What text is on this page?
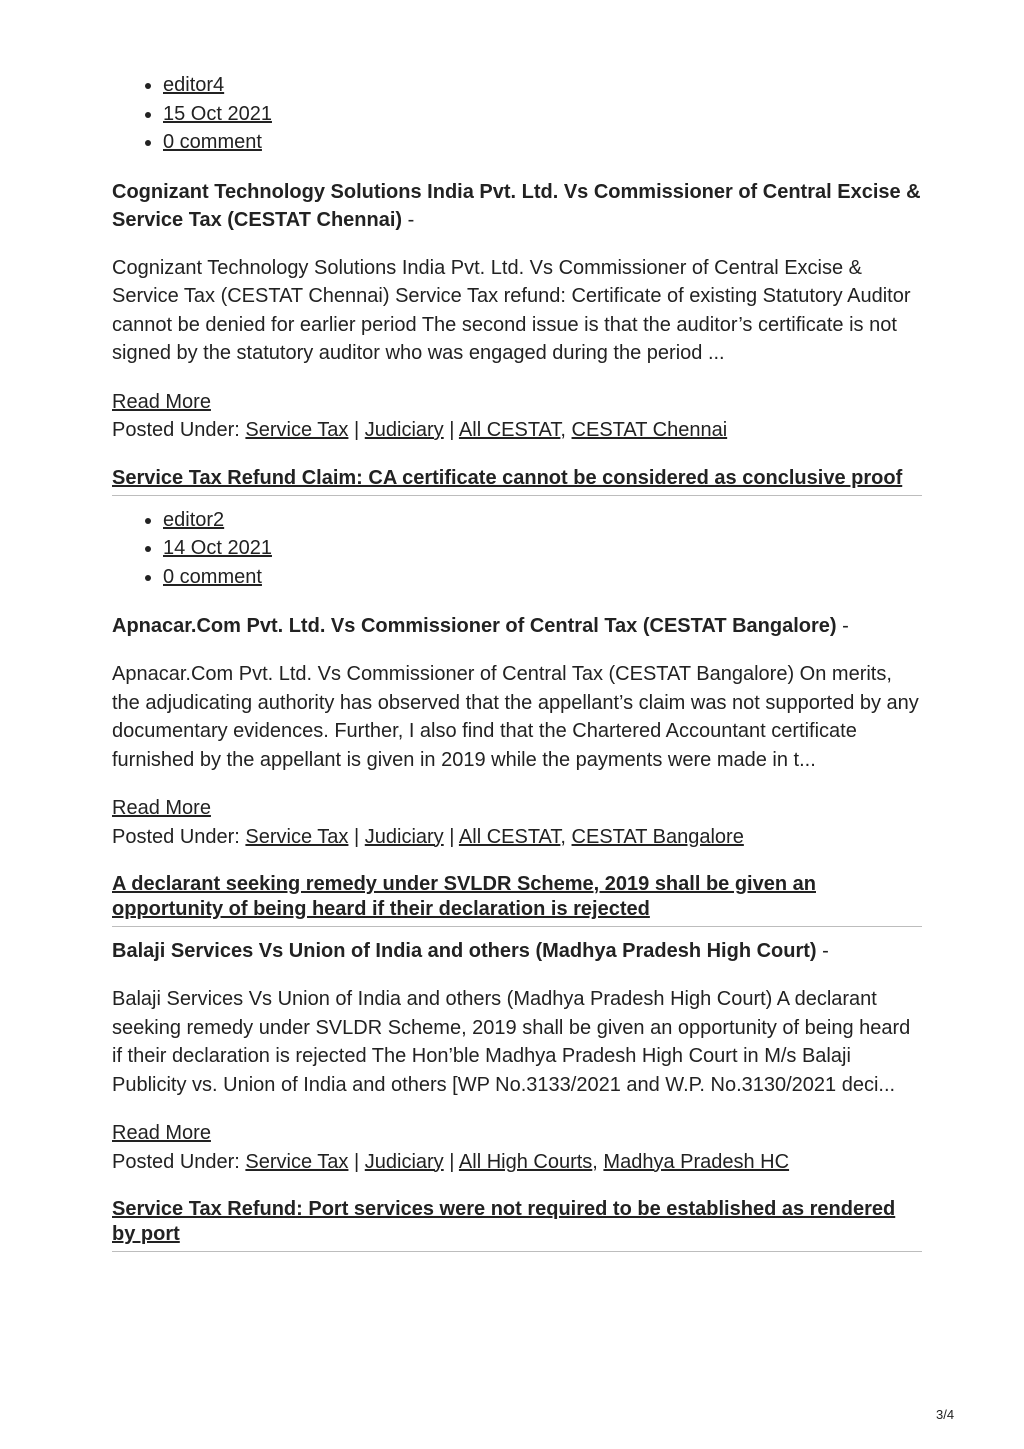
• editor4
• 15 Oct 2021
• 0 comment

Cognizant Technology Solutions India Pvt. Ltd. Vs Commissioner of Central Excise & Service Tax (CESTAT Chennai) -

Cognizant Technology Solutions India Pvt. Ltd. Vs Commissioner of Central Excise & Service Tax (CESTAT Chennai) Service Tax refund: Certificate of existing Statutory Auditor cannot be denied for earlier period The second issue is that the auditor’s certificate is not signed by the statutory auditor who was engaged during the period ...

Read More

Posted Under: Service Tax | Judiciary | All CESTAT, CESTAT Chennai

Service Tax Refund Claim: CA certificate cannot be considered as conclusive proof
• editor2
• 14 Oct 2021
• 0 comment

Apnacar.Com Pvt. Ltd. Vs Commissioner of Central Tax (CESTAT Bangalore) -

Apnacar.Com Pvt. Ltd. Vs Commissioner of Central Tax (CESTAT Bangalore) On merits, the adjudicating authority has observed that the appellant’s claim was not supported by any documentary evidences. Further, I also find that the Chartered Accountant certificate furnished by the appellant is given in 2019 while the payments were made in t...

Read More

Posted Under: Service Tax | Judiciary | All CESTAT, CESTAT Bangalore

A declarant seeking remedy under SVLDR Scheme, 2019 shall be given an opportunity of being heard if their declaration is rejected

Balaji Services Vs Union of India and others (Madhya Pradesh High Court) -

Balaji Services Vs Union of India and others (Madhya Pradesh High Court) A declarant seeking remedy under SVLDR Scheme, 2019 shall be given an opportunity of being heard if their declaration is rejected The Hon’ble Madhya Pradesh High Court in M/s Balaji Publicity vs. Union of India and others [WP No.3133/2021 and W.P. No.3130/2021 deci...

Read More

Posted Under: Service Tax | Judiciary | All High Courts, Madhya Pradesh HC

Service Tax Refund: Port services were not required to be established as rendered by port
3/4
